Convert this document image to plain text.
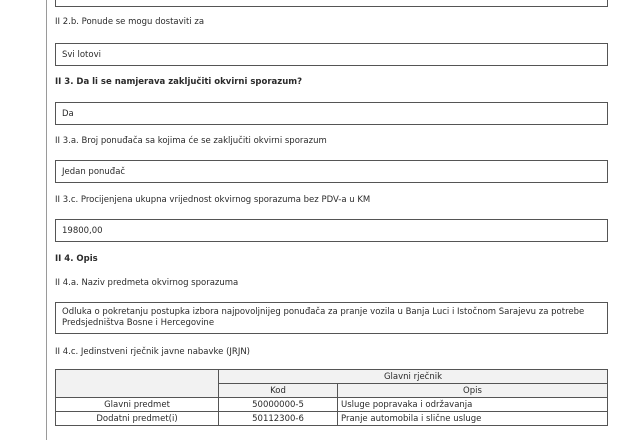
II 2.b. Ponude se mogu dostaviti za
Svi lotovi
II 3. Da li se namjerava zaključiti okvirni sporazum?
Da
II 3.a. Broj ponuđača sa kojima će se zaključiti okvirni sporazum
Jedan ponuđač
II 3.c. Procijenjena ukupna vrijednost okvirnog sporazuma bez PDV-a u KM
19800,00
II 4. Opis
II 4.a. Naziv predmeta okvirnog sporazuma
Odluka o pokretanju postupka izbora najpovoljnijeg ponuđača za pranje vozila u Banja Luci i Istočnom Sarajevu za potrebe Predsjedništva Bosne i Hercegovine
II 4.c. Jedinstveni rječnik javne nabavke (JRJN)
	Glavni rječnik	
	Kod	Opis
Glavni predmet	50000000-5	Usluge popravaka i održavanja
Dodatni predmet(i)	50112300-6	Pranje automobila i slične usluge
